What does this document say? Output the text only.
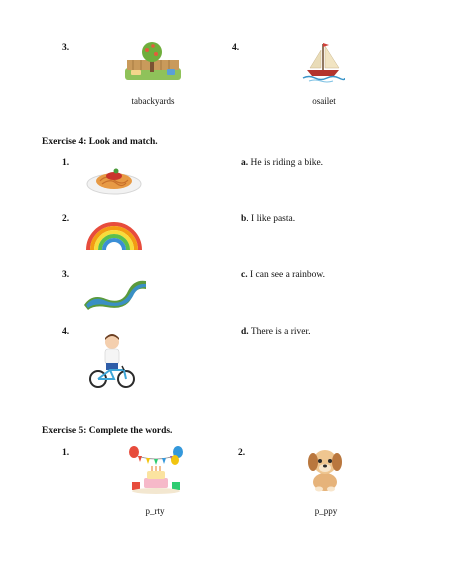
3.
tabackyards
4.
osailet
Exercise 4: Look and match.
1.
2.
3.
4.
a. He is riding a bike.
b. I like pasta.
c. I can see a rainbow.
d. There is a river.
Exercise 5: Complete the words.
1.
p_rty
2.
p_ppy
